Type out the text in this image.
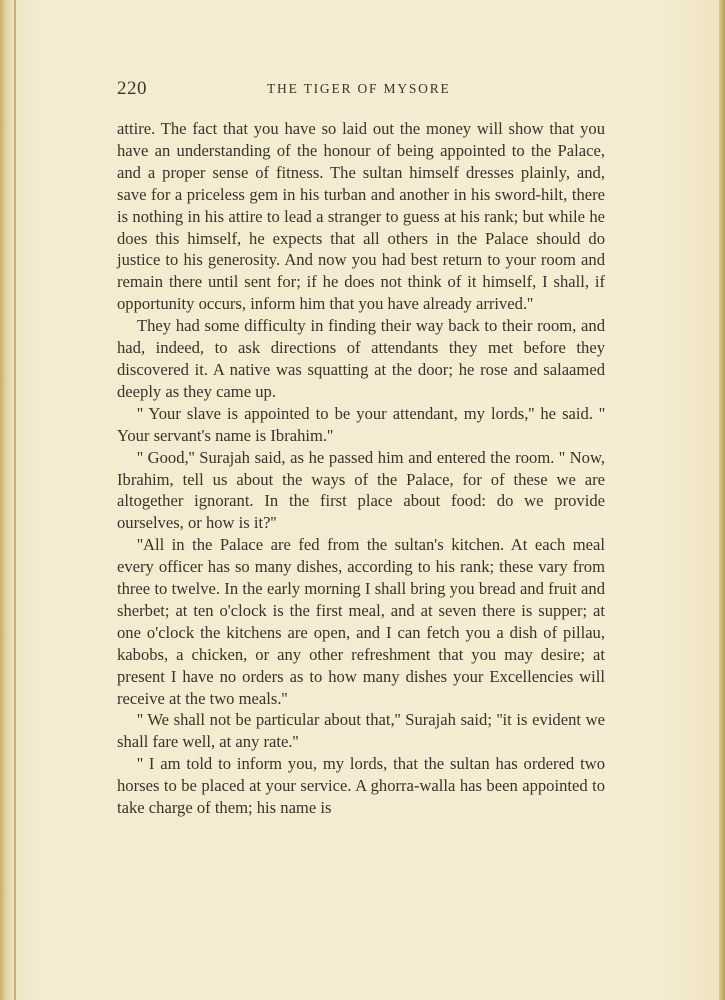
220	THE TIGER OF MYSORE

attire. The fact that you have so laid out the money will show that you have an understanding of the honour of being appointed to the Palace, and a proper sense of fitness. The sultan himself dresses plainly, and, save for a priceless gem in his turban and another in his sword-hilt, there is nothing in his attire to lead a stranger to guess at his rank; but while he does this himself, he expects that all others in the Palace should do justice to his generosity. And now you had best return to your room and remain there until sent for; if he does not think of it himself, I shall, if opportunity occurs, inform him that you have already arrived.''

They had some difficulty in finding their way back to their room, and had, indeed, to ask directions of attendants they met before they discovered it. A native was squatting at the door; he rose and salaamed deeply as they came up.

'' Your slave is appointed to be your attendant, my lords,'' he said. '' Your servant's name is Ibrahim.''

'' Good,'' Surajah said, as he passed him and entered the room. '' Now, Ibrahim, tell us about the ways of the Palace, for of these we are altogether ignorant. In the first place about food: do we provide ourselves, or how is it?''

''All in the Palace are fed from the sultan's kitchen. At each meal every officer has so many dishes, according to his rank; these vary from three to twelve. In the early morning I shall bring you bread and fruit and sherbet; at ten o'clock is the first meal, and at seven there is supper; at one o'clock the kitchens are open, and I can fetch you a dish of pillau, kabobs, a chicken, or any other refreshment that you may desire; at present I have no orders as to how many dishes your Excellencies will receive at the two meals.''

'' We shall not be particular about that,'' Surajah said; ''it is evident we shall fare well, at any rate.''

'' I am told to inform you, my lords, that the sultan has ordered two horses to be placed at your service. A ghorra-walla has been appointed to take charge of them; his name is
